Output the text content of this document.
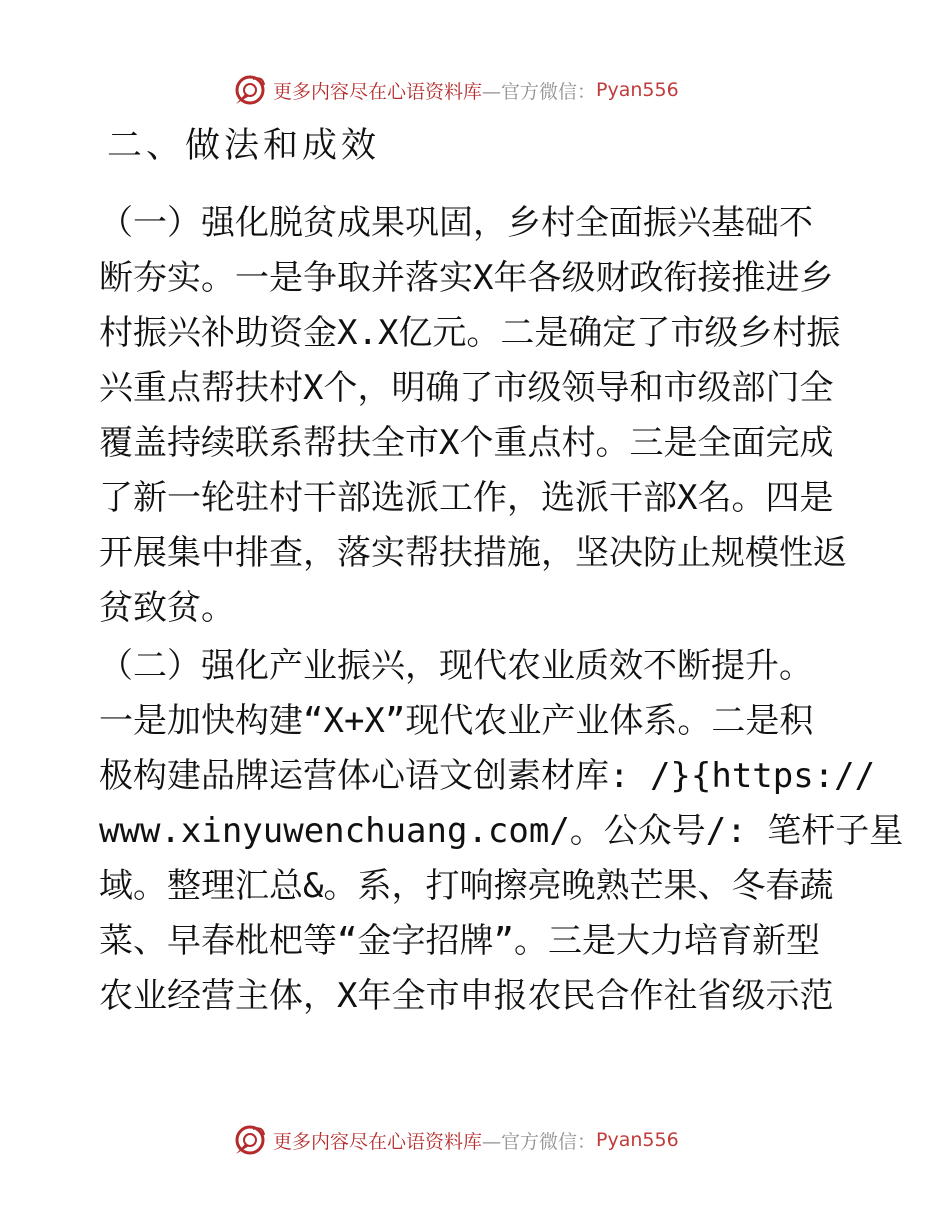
更多内容尽在心语资料库 —官方微信： Pyan556
二、做法和成效
（一）强化脱贫成果巩固，乡村全面振兴基础不
断夯实。一是争取并落实X年各级财政衔接推进乡
村振兴补助资金X.X亿元。二是确定了市级乡村振
兴重点帮扶村X个，明确了市级领导和市级部门全
覆盖持续联系帮扶全市X个重点村。三是全面完成
了新一轮驻村干部选派工作，选派干部X名。四是
开展集中排查，落实帮扶措施，坚决防止规模性返
贫致贫。
（二）强化产业振兴，现代农业质效不断提升。
一是加快构建“X+X”现代农业产业体系。二是积
极构建品牌运营体心语文创素材库: /}{https://
www.xinyuwenchuang.com/。公众号/: 笔杆子星
域。整理汇总&。系，打响擦亮晚熟芒果、冬春蔬
菜、早春枇杷等“金字招牌”。三是大力培育新型
农业经营主体，X年全市申报农民合作社省级示范
更多内容尽在心语资料库 —官方微信： Pyan556
